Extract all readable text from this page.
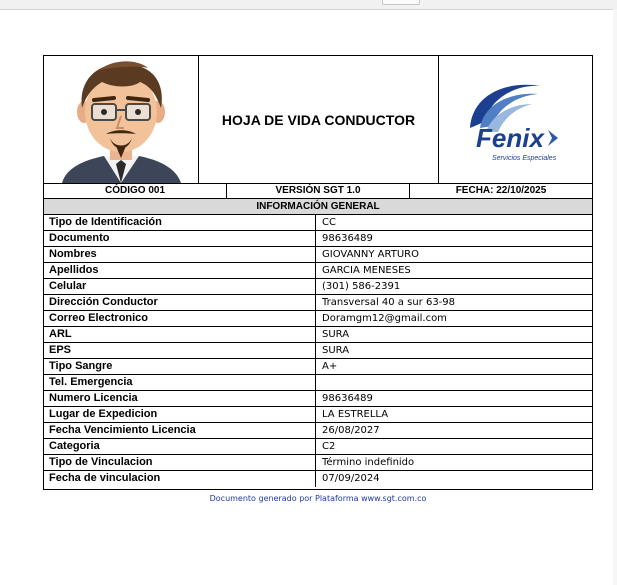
HOJA DE VIDA CONDUCTOR
Fenix
Servicios Especiales
CÓDIGO 001	VERSIÓN SGT 1.0	FECHA: 22/10/2025
INFORMACIÓN GENERAL
Tipo de Identificación	CC
Documento	98636489
Nombres	GIOVANNY ARTURO
Apellidos	GARCIA MENESES
Celular	(301) 586-2391
Dirección Conductor	Transversal 40 a sur 63-98
Correo Electronico	Doramgm12@gmail.com
ARL	SURA
EPS	SURA
Tipo Sangre	A+
Tel. Emergencia
Numero Licencia	98636489
Lugar de Expedicion	LA ESTRELLA
Fecha Vencimiento Licencia	26/08/2027
Categoria	C2
Tipo de Vinculacion	Término indefinido
Fecha de vinculacion	07/09/2024
Documento generado por Plataforma www.sgt.com.co
